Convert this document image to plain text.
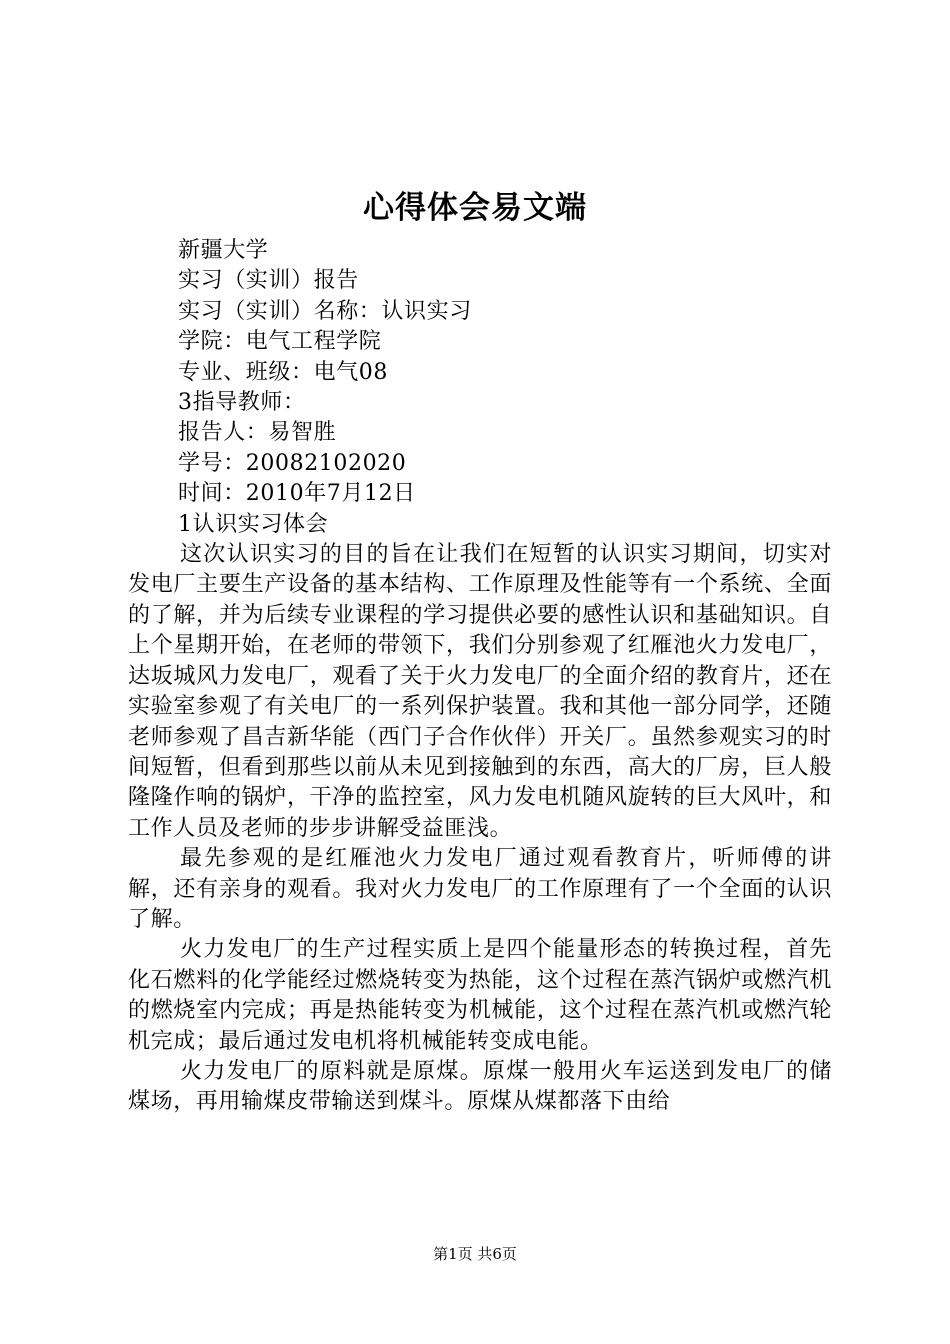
心得体会易文端
新疆大学
实习（实训）报告
实习（实训）名称：认识实习
学院：电气工程学院
专业、班级：电气08
3指导教师：
报告人：易智胜
学号：20082102020
时间：2010年7月12日
1认识实习体会

这次认识实习的目的旨在让我们在短暂的认识实习期间，切实对发电厂主要生产设备的基本结构、工作原理及性能等有一个系统、全面的了解，并为后续专业课程的学习提供必要的感性认识和基础知识。自上个星期开始，在老师的带领下，我们分别参观了红雁池火力发电厂，达坂城风力发电厂，观看了关于火力发电厂的全面介绍的教育片，还在实验室参观了有关电厂的一系列保护装置。我和其他一部分同学，还随老师参观了昌吉新华能（西门子合作伙伴）开关厂。虽然参观实习的时间短暂，但看到那些以前从未见到接触到的东西，高大的厂房，巨人般隆隆作响的锅炉，干净的监控室，风力发电机随风旋转的巨大风叶，和工作人员及老师的步步讲解受益匪浅。

最先参观的是红雁池火力发电厂通过观看教育片，听师傅的讲解，还有亲身的观看。我对火力发电厂的工作原理有了一个全面的认识了解。

火力发电厂的生产过程实质上是四个能量形态的转换过程，首先化石燃料的化学能经过燃烧转变为热能，这个过程在蒸汽锅炉或燃汽机的燃烧室内完成；再是热能转变为机械能，这个过程在蒸汽机或燃汽轮机完成；最后通过发电机将机械能转变成电能。

火力发电厂的原料就是原煤。原煤一般用火车运送到发电厂的储煤场，再用输煤皮带输送到煤斗。原煤从煤都落下由给

第1页 共6页
